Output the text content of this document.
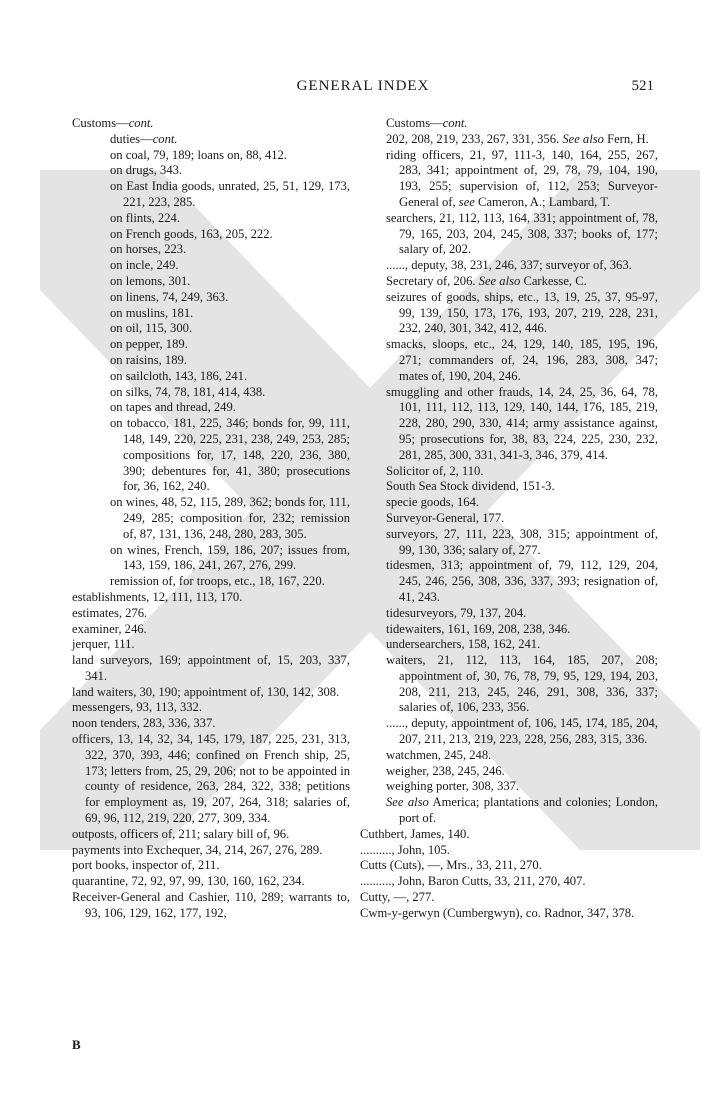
GENERAL INDEX	521
Customs—cont.
duties—cont.
on coal, 79, 189; loans on, 88, 412.
on drugs, 343.
on East India goods, unrated, 25, 51, 129, 173, 221, 223, 285.
on flints, 224.
on French goods, 163, 205, 222.
on horses, 223.
on incle, 249.
on lemons, 301.
on linens, 74, 249, 363.
on muslins, 181.
on oil, 115, 300.
on pepper, 189.
on raisins, 189.
on sailcloth, 143, 186, 241.
on silks, 74, 78, 181, 414, 438.
on tapes and thread, 249.
on tobacco, 181, 225, 346; bonds for, 99, 111, 148, 149, 220, 225, 231, 238, 249, 253, 285; compositions for, 17, 148, 220, 236, 380, 390; debentures for, 41, 380; prosecutions for, 36, 162, 240.
on wines, 48, 52, 115, 289, 362; bonds for, 111, 249, 285; composition for, 232; remission of, 87, 131, 136, 248, 280, 283, 305.
on wines, French, 159, 186, 207; issues from, 143, 159, 186, 241, 267, 276, 299.
remission of, for troops, etc., 18, 167, 220.
establishments, 12, 111, 113, 170.
estimates, 276.
examiner, 246.
jerquer, 111.
land surveyors, 169; appointment of, 15, 203, 337, 341.
land waiters, 30, 190; appointment of, 130, 142, 308.
messengers, 93, 113, 332.
noon tenders, 283, 336, 337.
officers, 13, 14, 32, 34, 145, 179, 187, 225, 231, 313, 322, 370, 393, 446; confined on French ship, 25, 173; letters from, 25, 29, 206; not to be appointed in county of residence, 263, 284, 322, 338; petitions for employment as, 19, 207, 264, 318; salaries of, 69, 96, 112, 219, 220, 277, 309, 334.
outposts, officers of, 211; salary bill of, 96.
payments into Exchequer, 34, 214, 267, 276, 289.
port books, inspector of, 211.
quarantine, 72, 92, 97, 99, 130, 160, 162, 234.
Receiver-General and Cashier, 110, 289; warrants to, 93, 106, 129, 162, 177, 192,
Customs—cont.
202, 208, 219, 233, 267, 331, 356. See also Fern, H.
riding officers, 21, 97, 111-3, 140, 164, 255, 267, 283, 341; appointment of, 29, 78, 79, 104, 190, 193, 255; supervision of, 112, 253; Surveyor-General of, see Cameron, A.; Lambard, T.
searchers, 21, 112, 113, 164, 331; appointment of, 78, 79, 165, 203, 204, 245, 308, 337; books of, 177; salary of, 202.
......, deputy, 38, 231, 246, 337; surveyor of, 363.
Secretary of, 206. See also Carkesse, C.
seizures of goods, ships, etc., 13, 19, 25, 37, 95-97, 99, 139, 150, 173, 176, 193, 207, 219, 228, 231, 232, 240, 301, 342, 412, 446.
smacks, sloops, etc., 24, 129, 140, 185, 195, 196, 271; commanders of, 24, 196, 283, 308, 347; mates of, 190, 204, 246.
smuggling and other frauds, 14, 24, 25, 36, 64, 78, 101, 111, 112, 113, 129, 140, 144, 176, 185, 219, 228, 280, 290, 330, 414; army assistance against, 95; prosecutions for, 38, 83, 224, 225, 230, 232, 281, 285, 300, 331, 341-3, 346, 379, 414.
Solicitor of, 2, 110.
South Sea Stock dividend, 151-3.
specie goods, 164.
Surveyor-General, 177.
surveyors, 27, 111, 223, 308, 315; appointment of, 99, 130, 336; salary of, 277.
tidesmen, 313; appointment of, 79, 112, 129, 204, 245, 246, 256, 308, 336, 337, 393; resignation of, 41, 243.
tidesurveyors, 79, 137, 204.
tidewaiters, 161, 169, 208, 238, 346.
undersearchers, 158, 162, 241.
waiters, 21, 112, 113, 164, 185, 207, 208; appointment of, 30, 76, 78, 79, 95, 129, 194, 203, 208, 211, 213, 245, 246, 291, 308, 336, 337; salaries of, 106, 233, 356.
......, deputy, appointment of, 106, 145, 174, 185, 204, 207, 211, 213, 219, 223, 228, 256, 283, 315, 336.
watchmen, 245, 248.
weigher, 238, 245, 246.
weighing porter, 308, 337.
See also America; plantations and colonies; London, port of.
Cuthbert, James, 140.
.........., John, 105.
Cutts (Cuts), —, Mrs., 33, 211, 270.
.........., John, Baron Cutts, 33, 211, 270, 407.
Cutty, —, 277.
Cwm-y-gerwyn (Cumbergwyn), co. Radnor, 347, 378.
B
